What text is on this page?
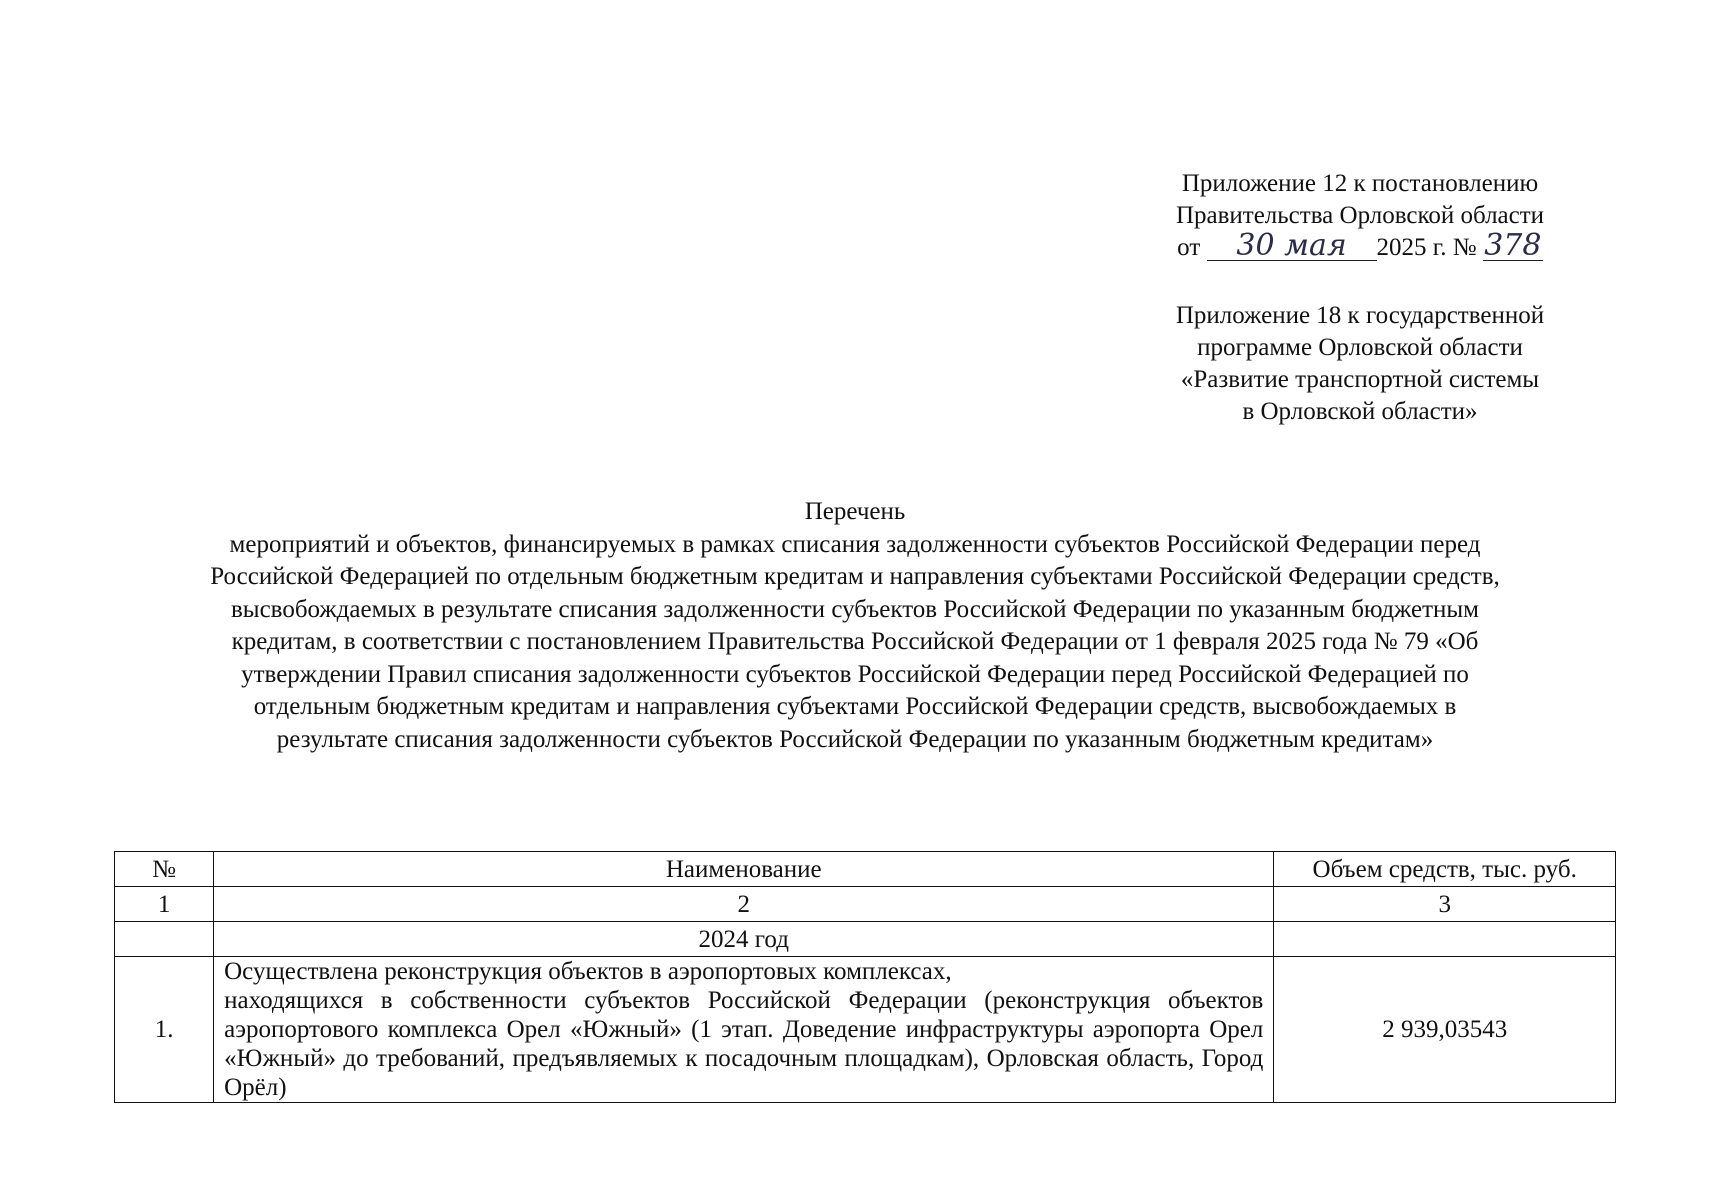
Приложение 12 к постановлению
Правительства Орловской области
от 30 мая 2025 г. № 378
Приложение 18 к государственной
программе Орловской области
«Развитие транспортной системы
в Орловской области»
Перечень
мероприятий и объектов, финансируемых в рамках списания задолженности субъектов Российской Федерации перед
Российской Федерацией по отдельным бюджетным кредитам и направления субъектами Российской Федерации средств,
высвобождаемых в результате списания задолженности субъектов Российской Федерации по указанным бюджетным
кредитам, в соответствии с постановлением Правительства Российской Федерации от 1 февраля 2025 года № 79 «Об
утверждении Правил списания задолженности субъектов Российской Федерации перед Российской Федерацией по
отдельным бюджетным кредитам и направления субъектами Российской Федерации средств, высвобождаемых в
результате списания задолженности субъектов Российской Федерации по указанным бюджетным кредитам»
№	Наименование	Объем средств, тыс. руб.
1	2	3
	2024 год	
1.	Осуществлена реконструкция объектов в аэропортовых комплексах,
находящихся в собственности субъектов Российской Федерации (реконструкция объектов аэропортового комплекса Орел «Южный» (1 этап. Доведение инфраструктуры аэропорта Орел «Южный» до требований, предъявляемых к посадочным площадкам), Орловская область, Город Орёл)	2 939,03543
